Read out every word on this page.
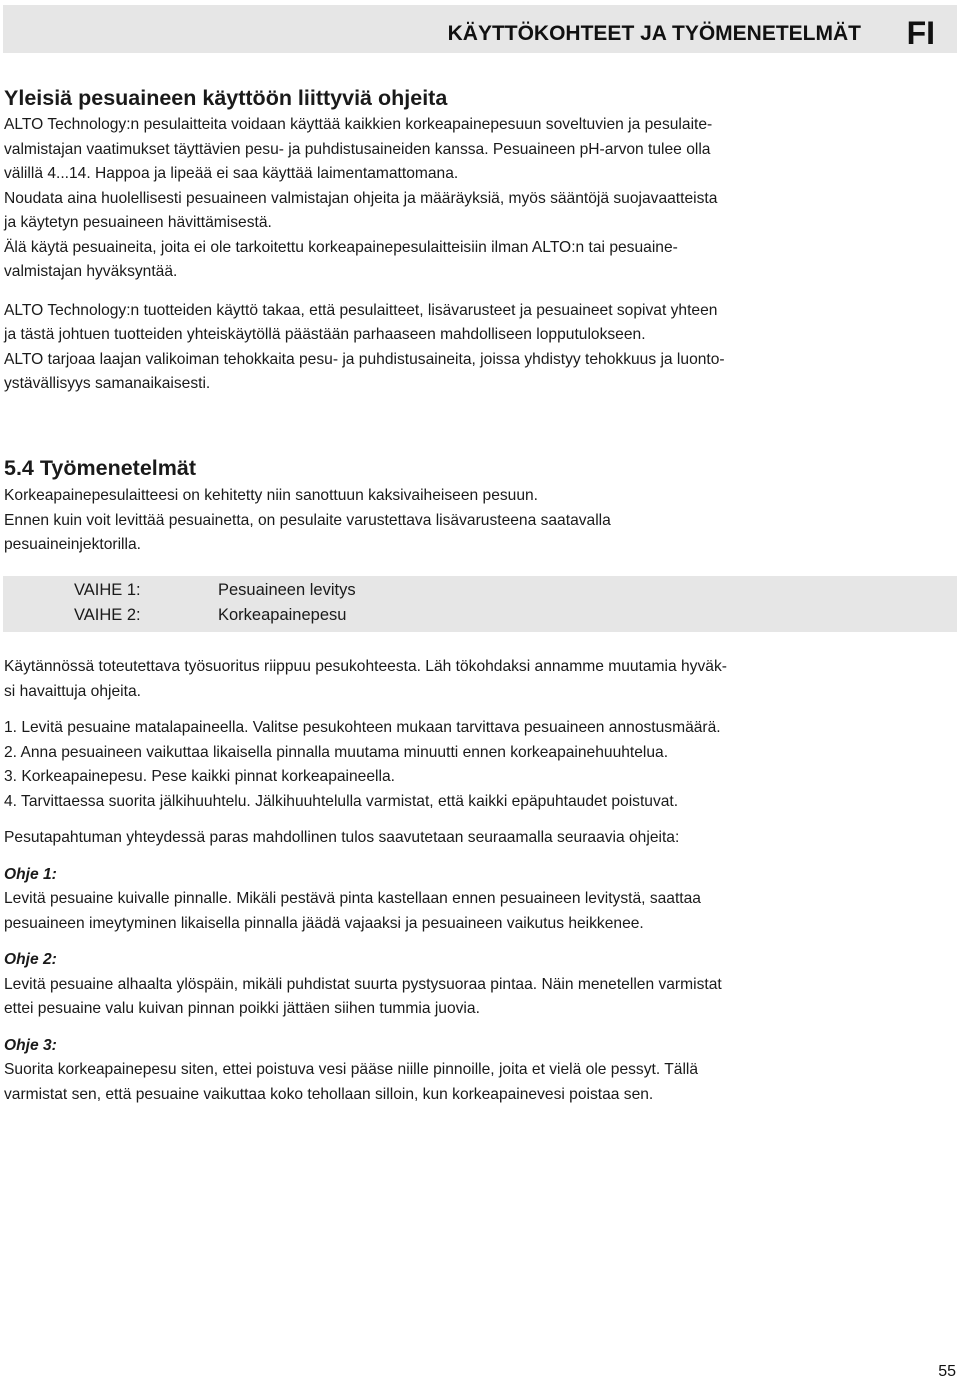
KÄYTTÖKOHTEET JA TYÖMENETELMÄT FI
Yleisiä pesuaineen käyttöön liittyviä ohjeita

ALTO Technology:n pesulaitteita voidaan käyttää kaikkien korkeapainepesuun soveltuvien ja pesulaite-

valmistajan vaatimukset täyttävien pesu- ja puhdistusaineiden kanssa. Pesuaineen pH-arvon tulee olla

välillä 4...14. Happoa ja lipeää ei saa käyttää laimentamattomana.

Noudata aina huolellisesti pesuaineen valmistajan ohjeita ja määräyksiä, myös sääntöjä suojavaatteista

ja käytetyn pesuaineen hävittämisestä.

Älä käytä pesuaineita, joita ei ole tarkoitettu korkeapainepesulaitteisiin ilman ALTO:n tai pesuaine-

valmistajan hyväksyntää.

ALTO Technology:n tuotteiden käyttö takaa, että pesulaitteet, lisävarusteet ja pesuaineet sopivat yhteen

ja tästä johtuen tuotteiden yhteiskäytöllä päästään parhaaseen mahdolliseen lopputulokseen.

ALTO tarjoaa laajan valikoiman tehokkaita pesu- ja puhdistusaineita, joissa yhdistyy tehokkuus ja luonto-

ystävällisyys samanaikaisesti.

5.4 Työmenetelmät

Korkeapainepesulaitteesi on kehitetty niin sanottuun kaksivaiheiseen pesuun.

Ennen kuin voit levittää pesuainetta, on pesulaite varustettava lisävarusteena saatavalla

pesuaineinjektorilla.

VAIHE 1:	Pesuaineen levitys
VAIHE 2:	Korkeapainepesu

Käytännössä toteutettava työsuoritus riippuu pesukohteesta. Läh tökohdaksi annamme muutamia hyväk-

si havaittuja ohjeita.

1. Levitä pesuaine matalapaineella. Valitse pesukohteen mukaan tarvittava pesuaineen annostusmäärä.

2. Anna pesuaineen vaikuttaa likaisella pinnalla muutama minuutti ennen korkeapainehuuhtelua.

3. Korkeapainepesu. Pese kaikki pinnat korkeapaineella.

4. Tarvittaessa suorita jälkihuuhtelu. Jälkihuuhtelulla varmistat, että kaikki epäpuhtaudet poistuvat.

Pesutapahtuman yhteydessä paras mahdollinen tulos saavutetaan seuraamalla seuraavia ohjeita:

Ohje 1:

Levitä pesuaine kuivalle pinnalle. Mikäli pestävä pinta kastellaan ennen pesuaineen levitystä, saattaa

pesuaineen imeytyminen likaisella pinnalla jäädä vajaaksi ja pesuaineen vaikutus heikkenee.

Ohje 2:

Levitä pesuaine alhaalta ylöspäin, mikäli puhdistat suurta pystysuoraa pintaa. Näin menetellen varmistat

ettei pesuaine valu kuivan pinnan poikki jättäen siihen tummia juovia.

Ohje 3:

Suorita korkeapainepesu siten, ettei poistuva vesi pääse niille pinnoille, joita et vielä ole pessyt. Tällä

varmistat sen, että pesuaine vaikuttaa koko tehollaan silloin, kun korkeapainevesi poistaa sen.

55
